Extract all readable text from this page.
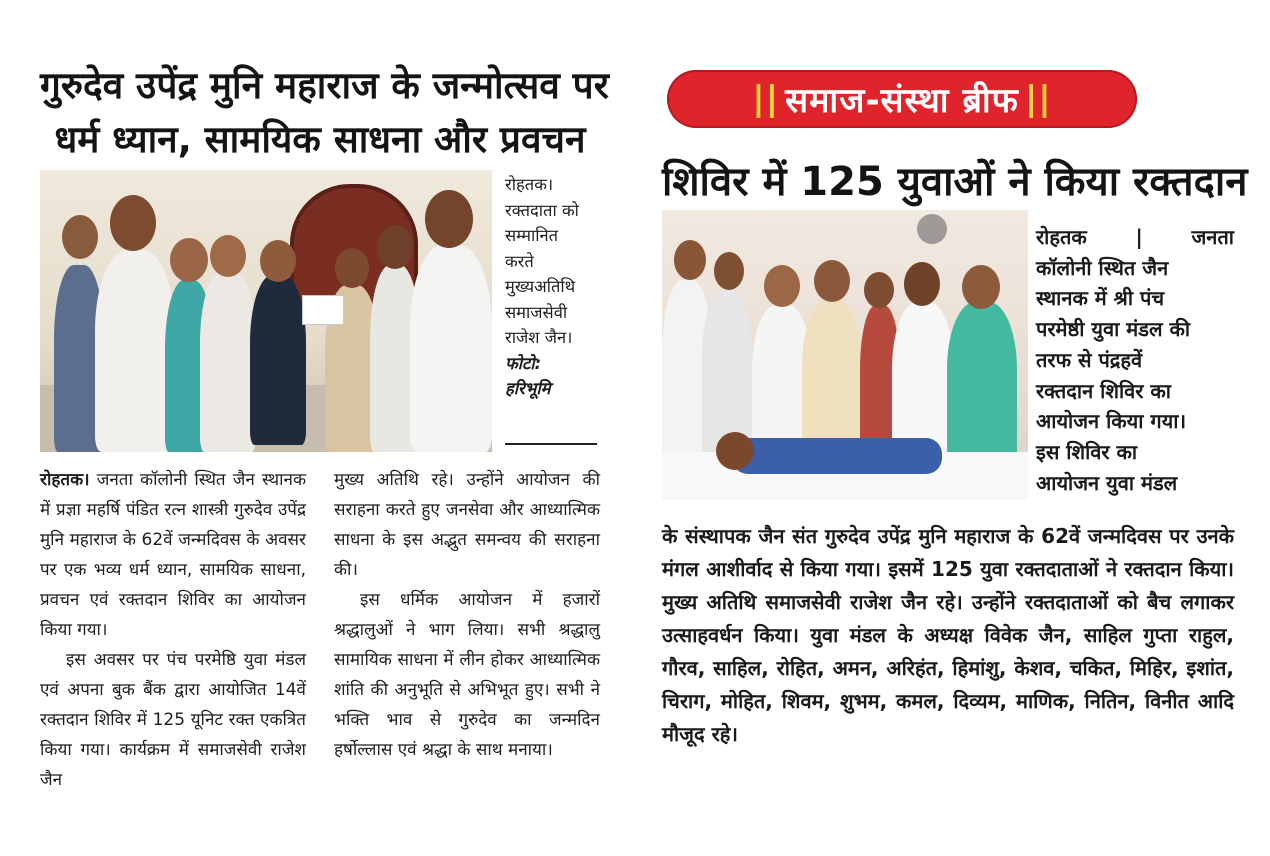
गुरुदेव उपेंद्र मुनि महाराज के जन्मोत्सव पर
धर्म ध्यान, सामयिक साधना और प्रवचन

रोहतक।

रक्तदाता को

सम्मानित

करते

मुख्यअतिथि

समाजसेवी

राजेश जैन।

फोटो:

हरिभूमि

रोहतक। जनता कॉलोनी स्थित जैन स्थानक में प्रज्ञा महर्षि पंडित रत्न शास्त्री गुरुदेव उपेंद्र मुनि महाराज के 62वें जन्मदिवस के अवसर पर एक भव्य धर्म ध्यान, सामयिक साधना, प्रवचन एवं रक्तदान शिविर का आयोजन किया गया।

इस अवसर पर पंच परमेष्ठि युवा मंडल एवं अपना बुक बैंक द्वारा आयोजित 14वें रक्तदान शिविर में 125 यूनिट रक्त एकत्रित किया गया। कार्यक्रम में समाजसेवी राजेश जैन

मुख्य अतिथि रहे। उन्होंने आयोजन की सराहना करते हुए जनसेवा और आध्यात्मिक साधना के इस अद्भुत समन्वय की सराहना की।

इस धर्मिक आयोजन में हजारों श्रद्धालुओं ने भाग लिया। सभी श्रद्धालु सामायिक साधना में लीन होकर आध्यात्मिक शांति की अनुभूति से अभिभूत हुए। सभी ने भक्ति भाव से गुरुदेव का जन्मदिन हर्षोल्लास एवं श्रद्धा के साथ मनाया।

|| समाज-संस्था ब्रीफ ||
शिविर में 125 युवाओं ने किया रक्तदान

रोहतक | जनता

कॉलोनी स्थित जैन

स्थानक में श्री पंच

परमेष्ठी युवा मंडल की

तरफ से पंद्रहवें

रक्तदान शिविर का

आयोजन किया गया।

इस शिविर का

आयोजन युवा मंडल

के संस्थापक जैन संत गुरुदेव उपेंद्र मुनि महाराज के 62वें जन्मदिवस पर उनके मंगल आशीर्वाद से किया गया। इसमें 125 युवा रक्तदाताओं ने रक्तदान किया। मुख्य अतिथि समाजसेवी राजेश जैन रहे। उन्होंने रक्तदाताओं को बैच लगाकर उत्साहवर्धन किया। युवा मंडल के अध्यक्ष विवेक जैन, साहिल गुप्ता राहुल, गौरव, साहिल, रोहित, अमन, अरिहंत, हिमांशु, केशव, चकित, मिहिर, इशांत, चिराग, मोहित, शिवम, शुभम, कमल, दिव्यम, माणिक, नितिन, विनीत आदि मौजूद रहे।
